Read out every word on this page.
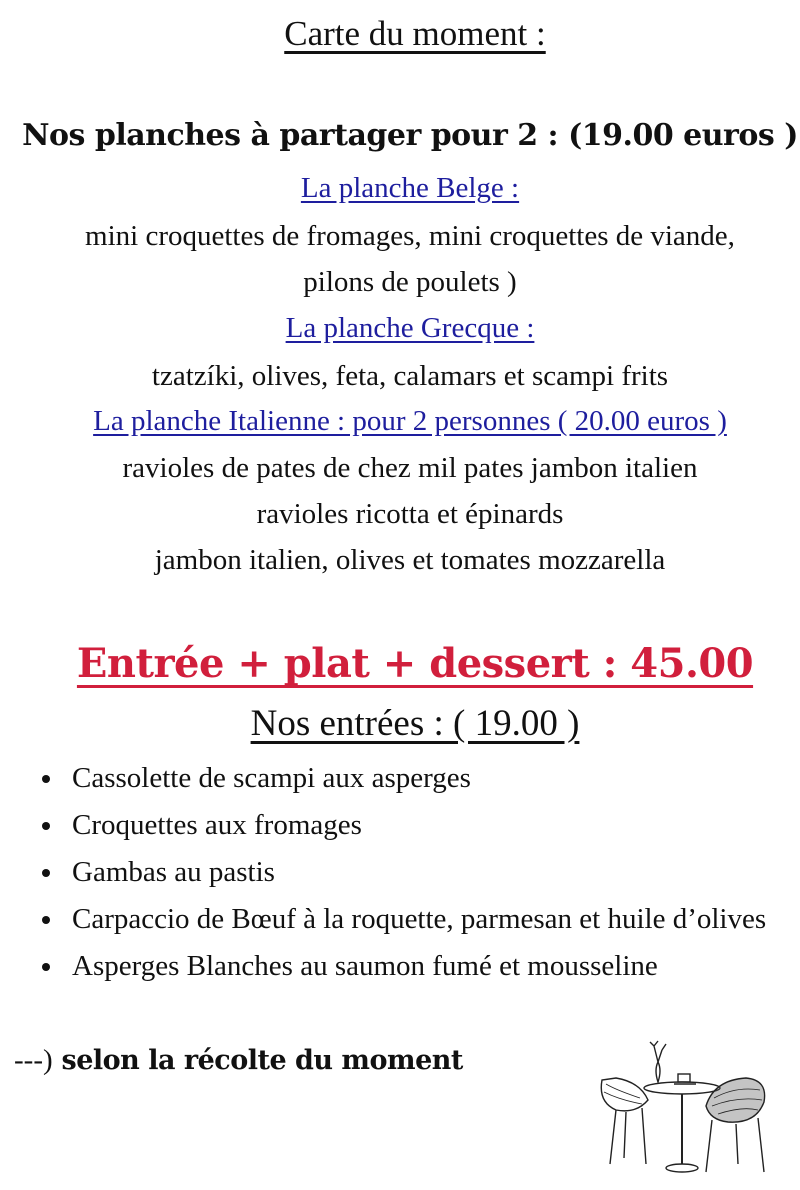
Carte du moment :
Nos planches à partager pour 2 : (19.00 euros )
La planche Belge :
mini croquettes de fromages, mini croquettes de viande,
pilons de poulets )
La planche Grecque :
tzatzíki, olives, feta, calamars et scampi frits
La planche Italienne : pour 2 personnes ( 20.00 euros )
ravioles de pates de chez mil pates jambon italien
ravioles ricotta et épinards
jambon italien, olives et tomates mozzarella
Entrée + plat + dessert : 45.00
Nos entrées : ( 19.00 )
Cassolette de scampi aux asperges
Croquettes aux fromages
Gambas au pastis
Carpaccio de Bœuf à la roquette, parmesan et huile d’olives
Asperges Blanches au saumon fumé et mousseline
---) selon la récolte du moment
